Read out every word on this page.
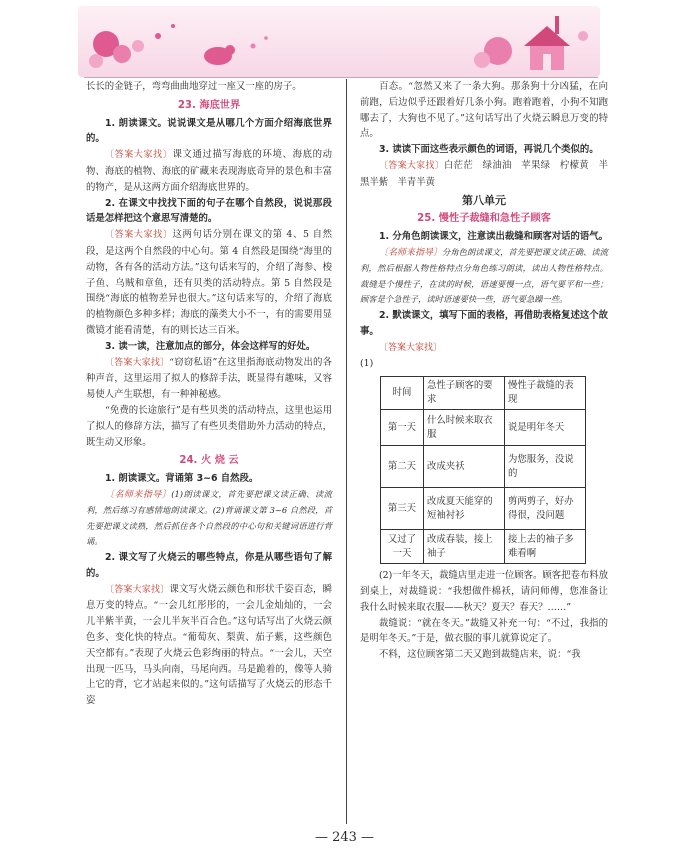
长长的金链子，弯弯曲曲地穿过一座又一座的房子。

23. 海底世界

1. 朗读课文。说说课文是从哪几个方面介绍海底世界的。

〔答案大家找〕课文通过描写海底的环境、海底的动物、海底的植物、海底的矿藏来表现海底奇异的景色和丰富的物产，是从这两方面介绍海底世界的。

2. 在课文中找找下面的句子在哪个自然段，说说那段话是怎样把这个意思写清楚的。

〔答案大家找〕这两句话分别在课文的第 4、5 自然段，是这两个自然段的中心句。第 4 自然段是围绕“海里的动物，各有各的活动方法。”这句话来写的，介绍了海参、梭子鱼、乌贼和章鱼，还有贝类的活动特点。第 5 自然段是围绕“海底的植物差异也很大。”这句话来写的，介绍了海底的植物颜色多种多样；海底的藻类大小不一，有的需要用显微镜才能看清楚，有的则长达三百米。

3. 读一读，注意加点的部分，体会这样写的好处。

〔答案大家找〕“窃窃私语”在这里指海底动物发出的各种声音，这里运用了拟人的修辞手法，既显得有趣味，又容易使人产生联想，有一种神秘感。

“免费的长途旅行”是有些贝类的活动特点，这里也运用了拟人的修辞方法，描写了有些贝类借助外力活动的特点，既生动又形象。

24. 火 烧 云

1. 朗读课文。背诵第 3~6 自然段。

〔名师来指导〕(1)朗读课文，首先要把课文读正确、读流利，然后练习有感情地朗读课文。(2)背诵课文第 3~6 自然段，首先要把课文读熟，然后抓住各个自然段的中心句和关键词语进行背诵。

2. 课文写了火烧云的哪些特点，你是从哪些语句了解的。

〔答案大家找〕课文写火烧云颜色和形状千姿百态，瞬息万变的特点。“一会儿红彤彤的，一会儿金灿灿的，一会儿半紫半黄，一会儿半灰半百合色。”这句话写出了火烧云颜色多、变化快的特点。“葡萄灰、梨黄、茄子紫，这些颜色天空都有。”表现了火烧云色彩绚丽的特点。“一会儿，天空出现一匹马，马头向南，马尾向西。马是跪着的，像等人骑上它的背，它才站起来似的。”这句话描写了火烧云的形态千姿

百态。“忽然又来了一条大狗。那条狗十分凶猛，在向前跑，后边似乎还跟着好几条小狗。跑着跑着，小狗不知跑哪去了，大狗也不见了。”这句话写出了火烧云瞬息万变的特点。

3. 读读下面这些表示颜色的词语，再说几个类似的。

〔答案大家找〕白茫茫　绿油油　苹果绿　柠檬黄　半黑半紫　半青半黄

第八单元
25. 慢性子裁缝和急性子顾客

1. 分角色朗读课文，注意读出裁缝和顾客对话的语气。

〔名师来指导〕分角色朗读课文，首先要把课文读正确、读流利，然后根据人物性格特点分角色练习朗读，读出人物性格特点。裁缝是个慢性子，在读的时候，语速要慢一点，语气要平和一些；顾客是个急性子，读时语速要快一些，语气要急躁一些。

2. 默读课文，填写下面的表格，再借助表格复述这个故事。

〔答案大家找〕

(1)

时间	急性子顾客的要求	慢性子裁缝的表现
第一天	什么时候来取衣服	说是明年冬天
第二天	改成夹袄	为您服务，没说的
第三天	改成夏天能穿的短袖衬衫	剪两剪子，好办得很，没问题
又过了一天	改成春装，接上袖子	接上去的袖子多难看啊

(2)一年冬天，裁缝店里走进一位顾客。顾客把卷布料放到桌上，对裁缝说：“我想做件棉袄，请问师傅，您准备让我什么时候来取衣服——秋天？夏天？春天？……”

裁缝说：“就在冬天。”裁缝又补充一句：“不过，我指的是明年冬天。”于是，做衣服的事儿就算说定了。

不料，这位顾客第二天又跑到裁缝店来，说：“我

— 243 —
